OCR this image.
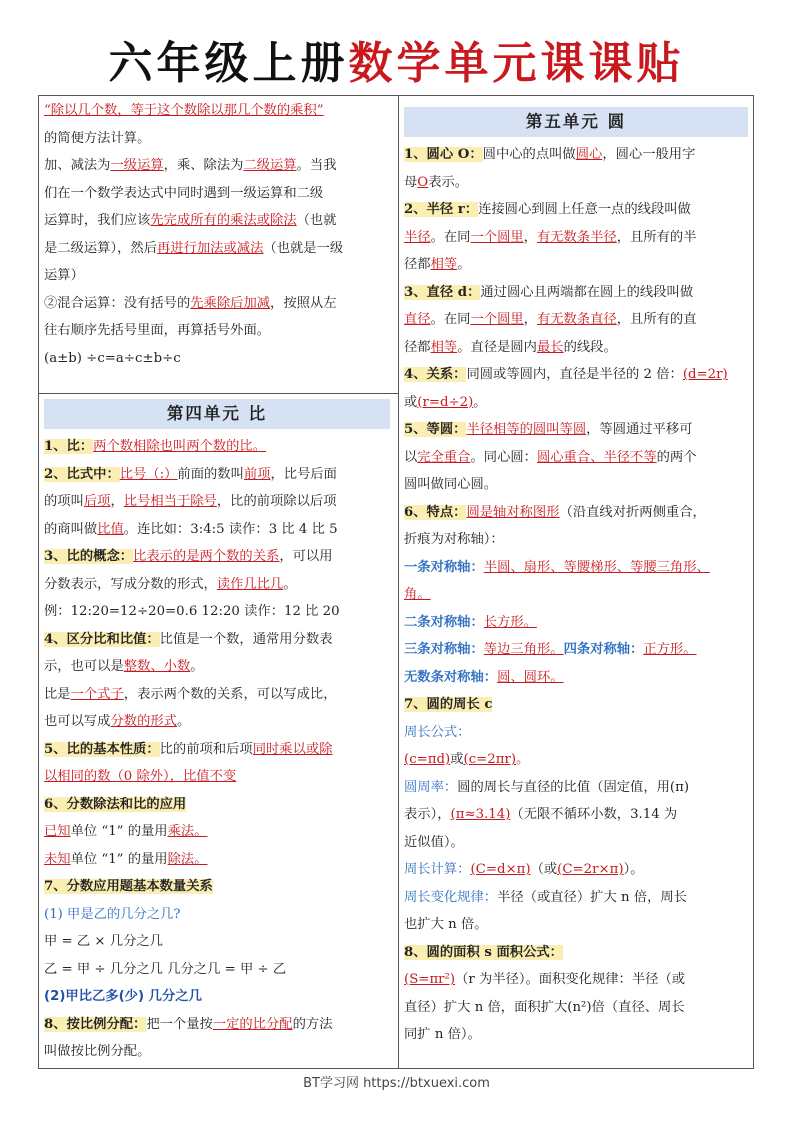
六年级上册数学单元课课贴
“除以几个数，等于这个数除以那几个数的乘积”
的简便方法计算。
加、减法为一级运算，乘、除法为二级运算。当我
们在一个数学表达式中同时遇到一级运算和二级
运算时，我们应该先完成所有的乘法或除法（也就
是二级运算），然后再进行加法或减法（也就是一级
运算）
②混合运算：没有括号的先乘除后加减，按照从左
往右顺序先括号里面，再算括号外面。
(a±b) ÷c=a÷c±b÷c
第四单元 比
1、比：两个数相除也叫两个数的比。
2、比式中：比号（:）前面的数叫前项，比号后面
的项叫后项，比号相当于除号，比的前项除以后项
的商叫做比值。连比如：3:4:5 读作：3 比 4 比 5
3、比的概念：比表示的是两个数的关系，可以用
分数表示，写成分数的形式，读作几比几。
例：12:20=12÷20=0.6 12:20 读作：12 比 20
4、区分比和比值：比值是一个数，通常用分数表
示，也可以是整数、小数。
比是一个式子，表示两个数的关系，可以写成比，
也可以写成分数的形式。
5、比的基本性质：比的前项和后项同时乘以或除
以相同的数（0 除外），比值不变
6、分数除法和比的应用
已知单位 “1” 的量用乘法。
未知单位 “1” 的量用除法。
7、分数应用题基本数量关系
(1) 甲是乙的几分之几?
甲 = 乙 × 几分之几
乙 = 甲 ÷ 几分之几 几分之几 = 甲 ÷ 乙
(2)甲比乙多(少) 几分之几
8、按比例分配：把一个量按一定的比分配的方法
叫做按比例分配。
第五单元 圆
1、圆心 O：圆中心的点叫做圆心，圆心一般用字
母O表示。
2、半径 r：连接圆心到圆上任意一点的线段叫做
半径。在同一个圆里，有无数条半径，且所有的半
径都相等。
3、直径 d：通过圆心且两端都在圆上的线段叫做
直径。在同一个圆里，有无数条直径，且所有的直
径都相等。直径是圆内最长的线段。
4、关系：同圆或等圆内，直径是半径的 2 倍：(d=2r)
或(r=d÷2)。
5、等圆：半径相等的圆叫等圆，等圆通过平移可
以完全重合。同心圆：圆心重合、半径不等的两个
圆叫做同心圆。
6、特点：圆是轴对称图形（沿直线对折两侧重合，
折痕为对称轴）：
一条对称轴：半圆、扇形、等腰梯形、等腰三角形、
角。
二条对称轴：长方形。
三条对称轴：等边三角形。四条对称轴：正方形。
无数条对称轴：圆、圆环。
7、圆的周长 c
周长公式：
(c=πd)或(c=2πr)。
圆周率：圆的周长与直径的比值（固定值，用(π)
表示），(π≈3.14)（无限不循环小数，3.14 为
近似值）。
周长计算：(C=d×π)（或(C=2r×π)）。
周长变化规律：半径（或直径）扩大 n 倍，周长
也扩大 n 倍。
8、圆的面积 s 面积公式：
(S=πr²)（r 为半径）。面积变化规律：半径（或
直径）扩大 n 倍，面积扩大(n²)倍（直径、周长
同扩 n 倍）。
BT学习网 https://btxuexi.com
